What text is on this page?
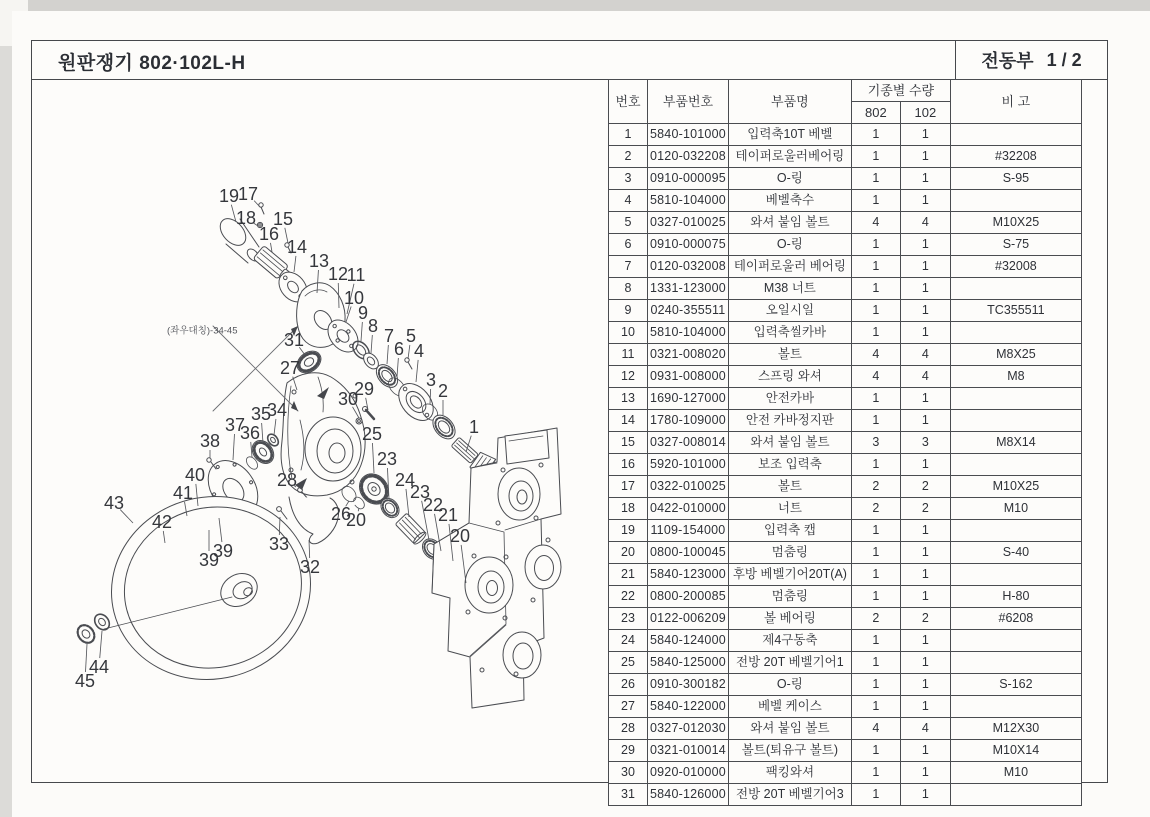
원판쟁기 802·102L-H	전동부 1 / 2
(좌우대칭)-34-45
19
17
18
16
15
14
13
12
11
10
9
8 7
6
5
4
3
2
1
31
27
30
29
25
23
24
23
22
21
20
26
20
28
33
32
35
34
36
37
38
40
41
39
39
42
43
44
45
번호	부품번호	부품명	기종별 수량		비 고
			802	102	
1	5840-101000	입력축10T 베벨	1	1	
2	0120-032208	테이퍼로울러베어링	1	1	#32208
3	0910-000095	O-링	1	1	S-95
4	5810-104000	베벨축수	1	1	
5	0327-010025	와셔 붙임 볼트	4	4	M10X25
6	0910-000075	O-링	1	1	S-75
7	0120-032008	테이퍼로울러 베어링	1	1	#32008
8	1331-123000	M38 너트	1	1	
9	0240-355511	오일시일	1	1	TC355511
10	5810-104000	입력축씰카바	1	1	
11	0321-008020	볼트	4	4	M8X25
12	0931-008000	스프링 와셔	4	4	M8
13	1690-127000	안전카바	1	1	
14	1780-109000	안전 카바정지판	1	1	
15	0327-008014	와셔 붙임 볼트	3	3	M8X14
16	5920-101000	보조 입력축	1	1	
17	0322-010025	볼트	2	2	M10X25
18	0422-010000	너트	2	2	M10
19	1109-154000	입력축 캡	1	1	
20	0800-100045	멈춤링	1	1	S-40
21	5840-123000	후방 베벨기어20T(A)	1	1	
22	0800-200085	멈춤링	1	1	H-80
23	0122-006209	볼 베어링	2	2	#6208
24	5840-124000	제4구동축	1	1	
25	5840-125000	전방 20T 베벨기어1	1	1	
26	0910-300182	O-링	1	1	S-162
27	5840-122000	베벨 케이스	1	1	
28	0327-012030	와셔 붙임 볼트	4	4	M12X30
29	0321-010014	볼트(퇴유구 볼트)	1	1	M10X14
30	0920-010000	팩킹와셔	1	1	M10
31	5840-126000	전방 20T 베벨기어3	1	1	
